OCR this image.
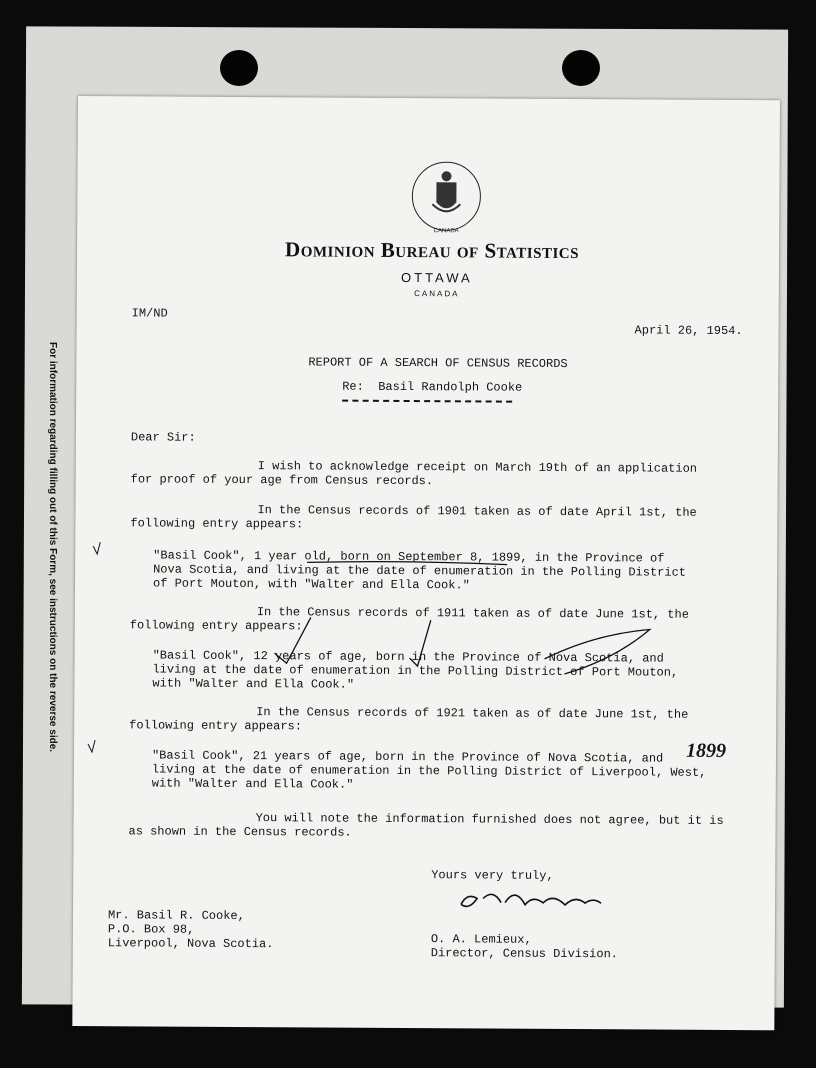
For information regarding filling out of this Form, see instructions on the reverse side.
CANADA
Dominion Bureau of Statistics
OTTAWA
CANADA
IM/ND
April 26, 1954.
REPORT OF A SEARCH OF CENSUS RECORDS
Re:  Basil Randolph Cooke
Dear Sir:
I wish to acknowledge receipt on March 19th of an application
for proof of your age from Census records.
In the Census records of 1901 taken as of date April 1st, the
following entry appears:
"Basil Cook", 1 year old, born on September 8, 1899, in the Province of
Nova Scotia, and living at the date of enumeration in the Polling District
of Port Mouton, with "Walter and Ella Cook."
In the Census records of 1911 taken as of date June 1st, the
following entry appears:
"Basil Cook", 12 years of age, born in the Province of Nova Scotia, and
living at the date of enumeration in the Polling District of Port Mouton,
with "Walter and Ella Cook."
In the Census records of 1921 taken as of date June 1st, the
following entry appears:
"Basil Cook", 21 years of age, born in the Province of Nova Scotia, and
living at the date of enumeration in the Polling District of Liverpool, West,
with "Walter and Ella Cook."
You will note the information furnished does not agree, but it is
as shown in the Census records.
Yours very truly,
Mr. Basil R. Cooke,
P.O. Box 98,
Liverpool, Nova Scotia.	O. A. Lemieux,
Director, Census Division.
1899
